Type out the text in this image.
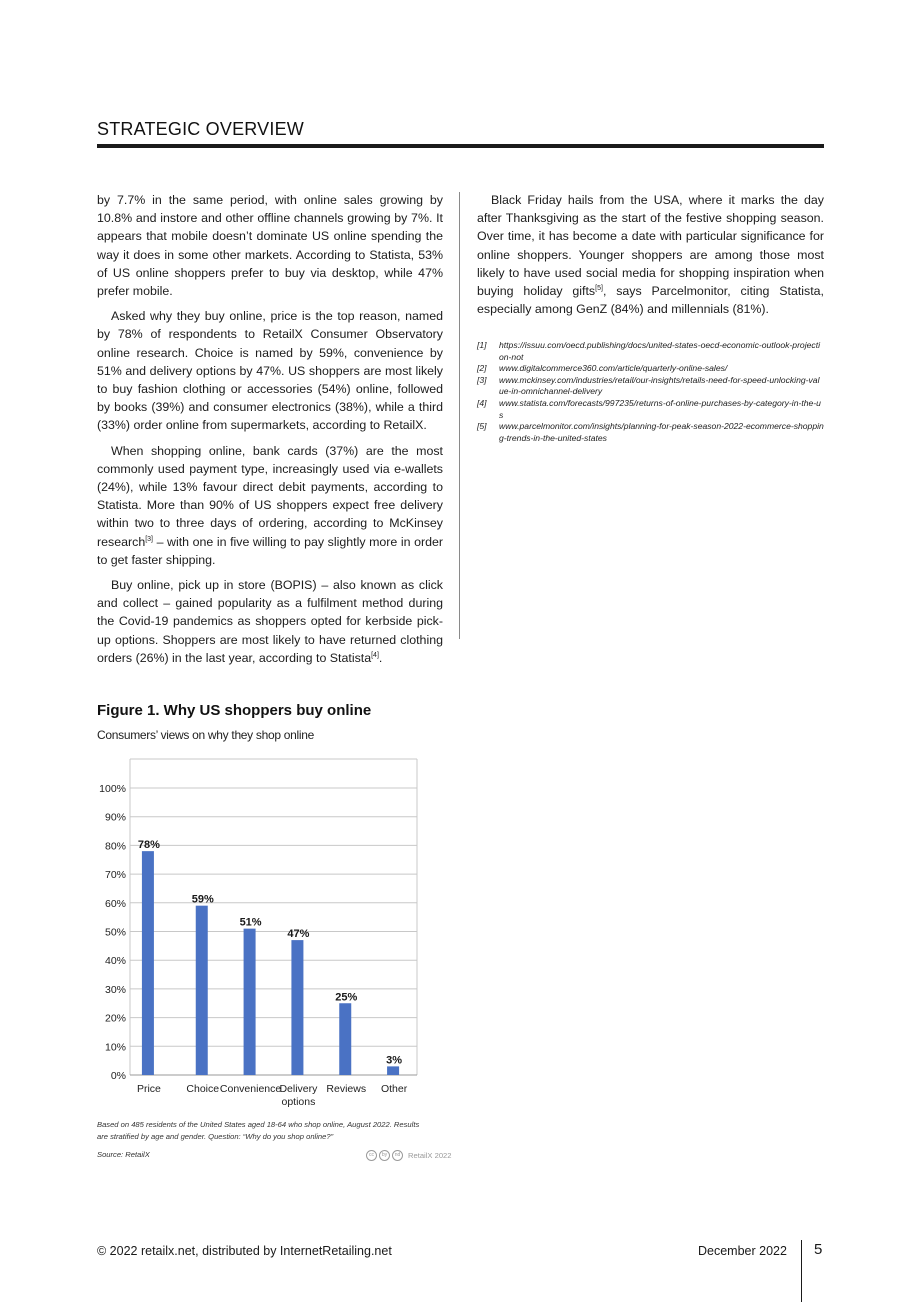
STRATEGIC OVERVIEW

by 7.7% in the same period, with online sales growing by 10.8% and instore and other offline channels growing by 7%. It appears that mobile doesn’t dominate US online spending the way it does in some other markets. According to Statista, 53% of US online shoppers prefer to buy via desktop, while 47% prefer mobile.

Asked why they buy online, price is the top reason, named by 78% of respondents to RetailX Consumer Observatory online research. Choice is named by 59%, convenience by 51% and delivery options by 47%. US shoppers are most likely to buy fashion clothing or accessories (54%) online, followed by books (39%) and consumer electronics (38%), while a third (33%) order online from supermarkets, according to RetailX.

When shopping online, bank cards (37%) are the most commonly used payment type, increasingly used via e-wallets (24%), while 13% favour direct debit payments, according to Statista. More than 90% of US shoppers expect free delivery within two to three days of ordering, according to McKinsey research[3] – with one in five willing to pay slightly more in order to get faster shipping.

Buy online, pick up in store (BOPIS) – also known as click and collect – gained popularity as a fulfilment method during the Covid-19 pandemics as shoppers opted for kerbside pick-up options. Shoppers are most likely to have returned clothing orders (26%) in the last year, according to Statista[4].

Black Friday hails from the USA, where it marks the day after Thanksgiving as the start of the festive shopping season. Over time, it has become a date with particular significance for online shoppers. Younger shoppers are among those most likely to have used social media for shopping inspiration when buying holiday gifts[5], says Parcelmonitor, citing Statista, especially among GenZ (84%) and millennials (81%).

[1]	https://issuu.com/oecd.publishing/docs/united-states-oecd-economic-outlook-projection-not
[2]	www.digitalcommerce360.com/article/quarterly-online-sales/
[3]	www.mckinsey.com/industries/retail/our-insights/retails-need-for-speed-unlocking-value-in-omnichannel-delivery
[4]	www.statista.com/forecasts/997235/returns-of-online-purchases-by-category-in-the-us
[5]	www.parcelmonitor.com/insights/planning-for-peak-season-2022-ecommerce-shopping-trends-in-the-united-states
Figure 1. Why US shoppers buy online
Consumers’ views on why they shop online
0%
10%
20%
30%
40%
50%
60%
70%
80%
90%
100%
78%
Price
59%
Choice
51%
Convenience
47%
Delivery
options
25%
Reviews
3%
Other
Based on 485 residents of the United States aged 18-64 who shop online, August 2022. Results are stratified by age and gender. Question: “Why do you shop online?”
Source: RetailX	cc	by	nd	RetailX 2022
© 2022 retailx.net, distributed by InternetRetailing.net	December 2022 5
